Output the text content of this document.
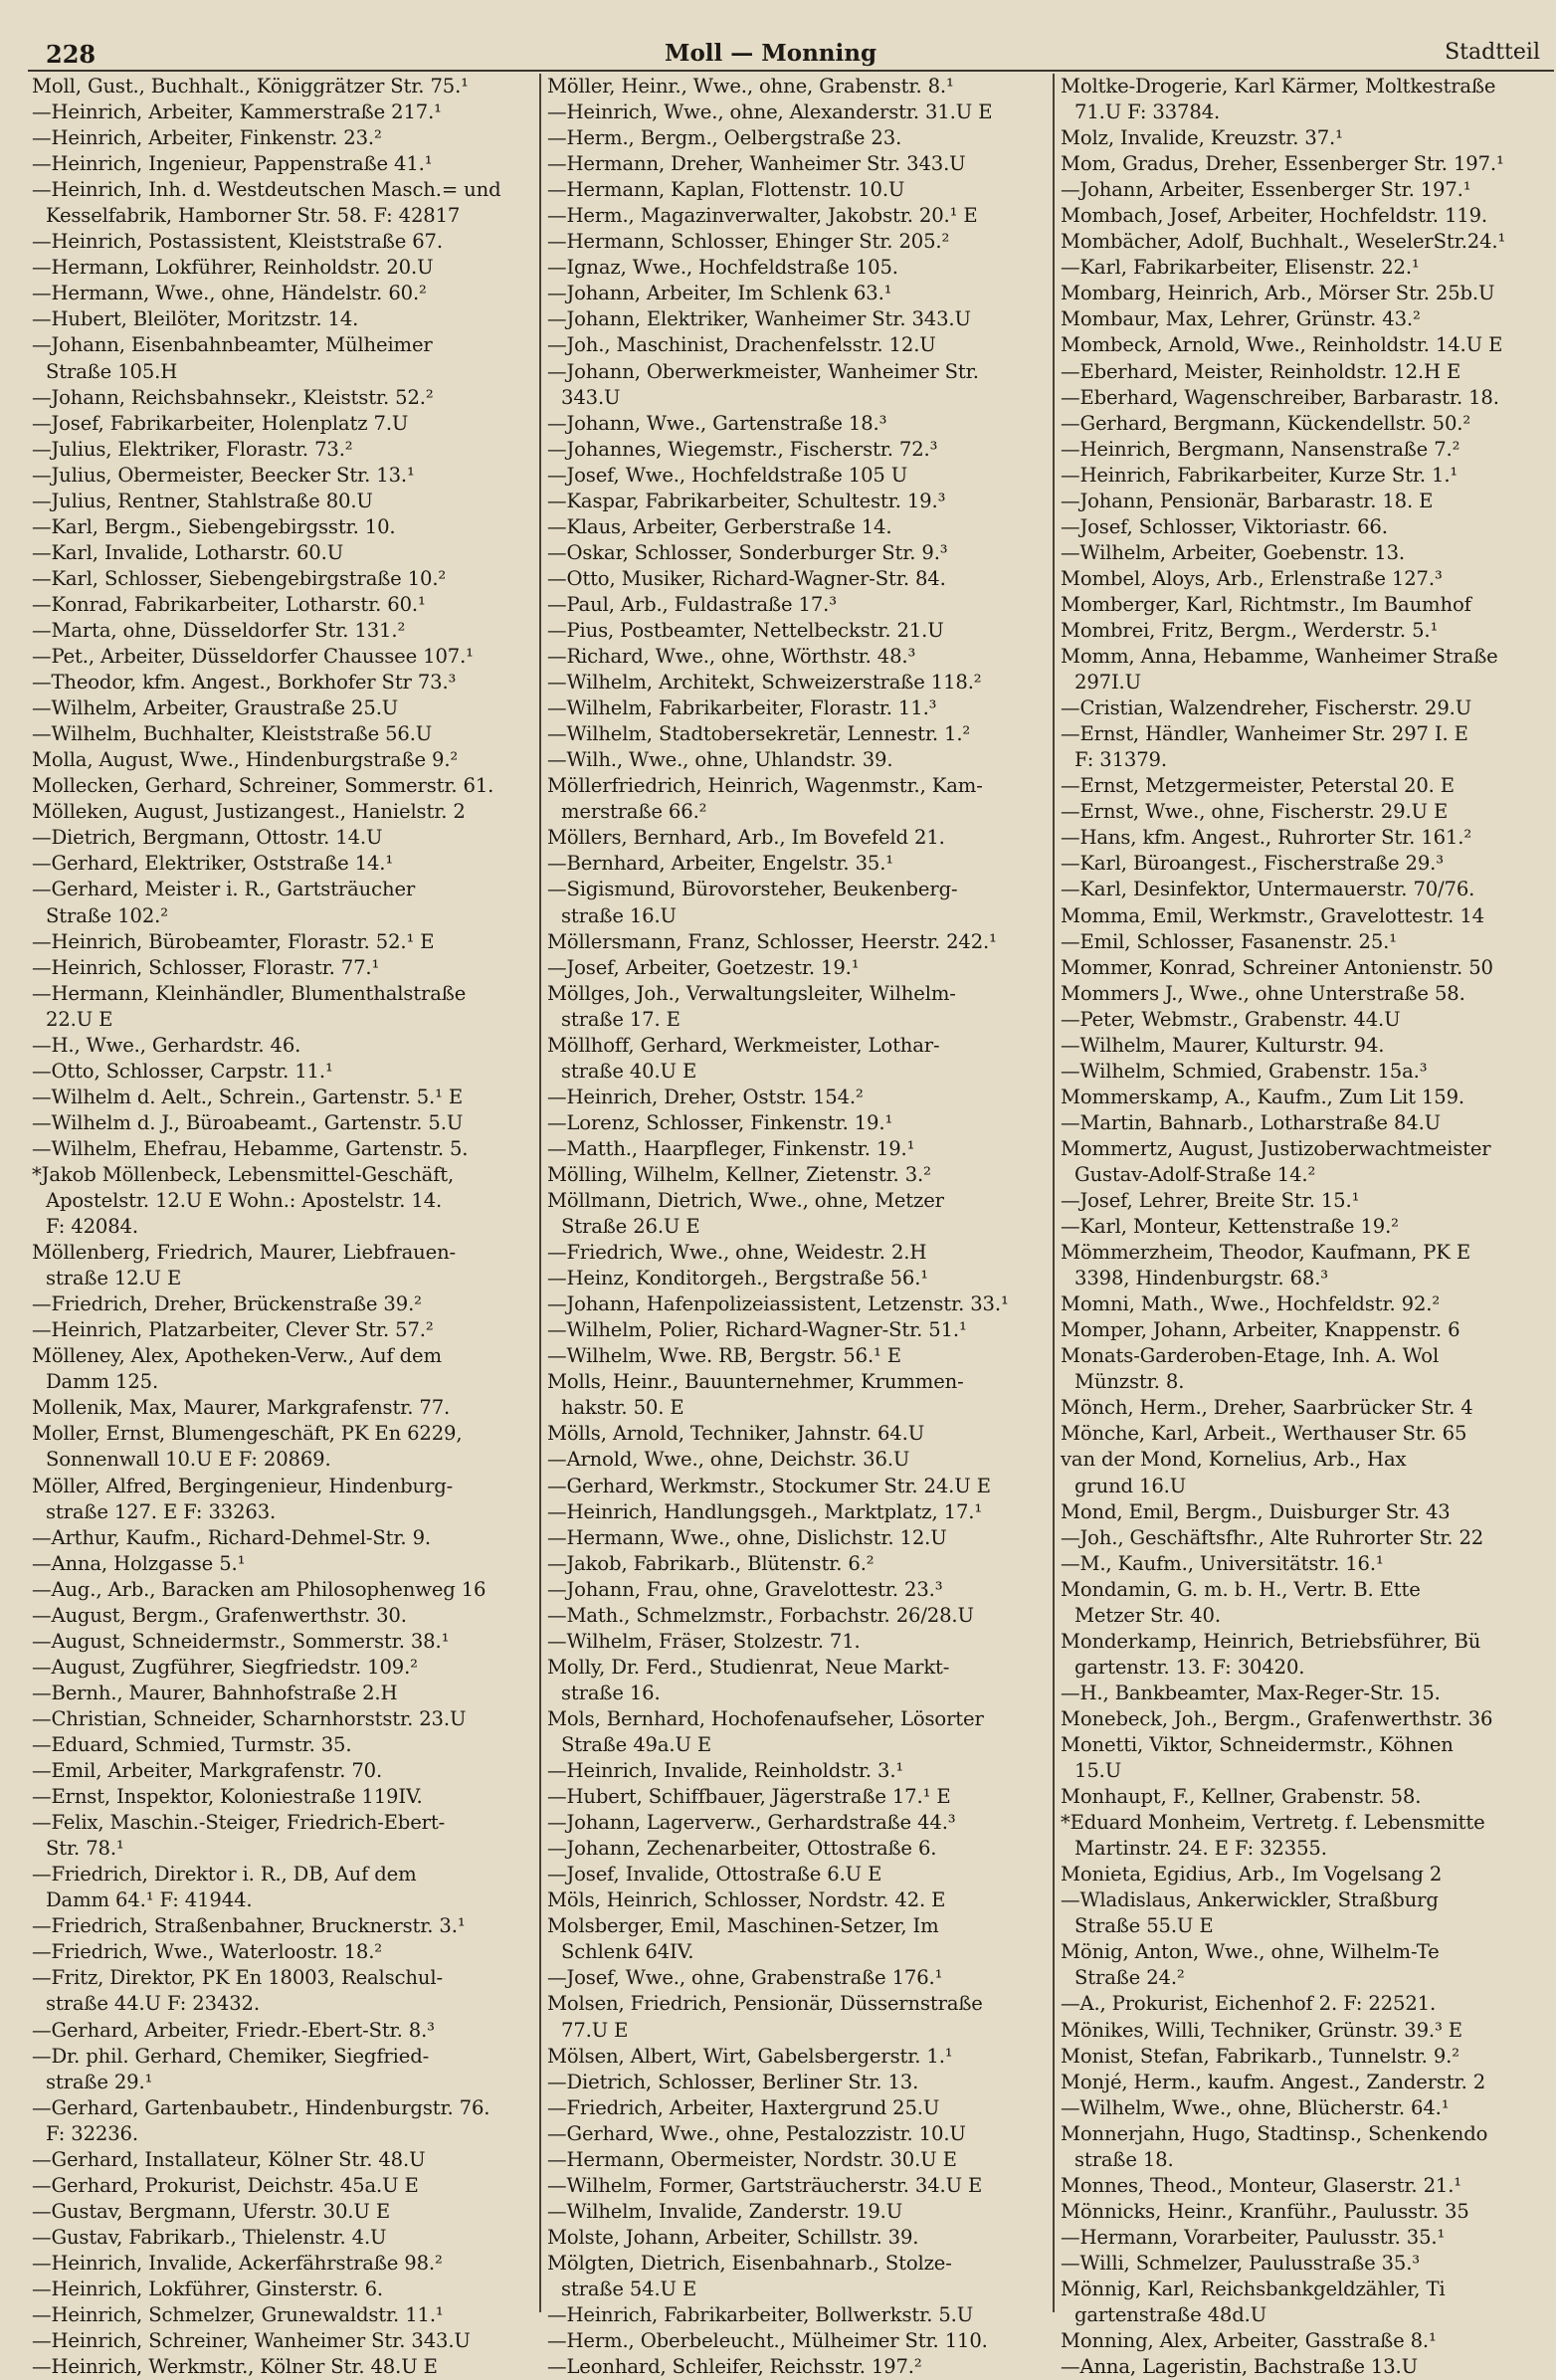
228	Moll — Monning	Stadtteil
Moll, Gust., Buchhalt., Königgrätzer Str. 75.¹
—Heinrich, Arbeiter, Kammerstraße 217.¹
—Heinrich, Arbeiter, Finkenstr. 23.²
—Heinrich, Ingenieur, Pappenstraße 41.¹
—Heinrich, Inh. d. Westdeutschen Masch.= und
Kesselfabrik, Hamborner Str. 58. F: 42817
—Heinrich, Postassistent, Kleiststraße 67.
—Hermann, Lokführer, Reinholdstr. 20.U
—Hermann, Wwe., ohne, Händelstr. 60.²
—Hubert, Bleilöter, Moritzstr. 14.
—Johann, Eisenbahnbeamter, Mülheimer
Straße 105.H
—Johann, Reichsbahnsekr., Kleiststr. 52.²
—Josef, Fabrikarbeiter, Holenplatz 7.U
—Julius, Elektriker, Florastr. 73.²
—Julius, Obermeister, Beecker Str. 13.¹
—Julius, Rentner, Stahlstraße 80.U
—Karl, Bergm., Siebengebirgsstr. 10.
—Karl, Invalide, Lotharstr. 60.U
—Karl, Schlosser, Siebengebirgstraße 10.²
—Konrad, Fabrikarbeiter, Lotharstr. 60.¹
—Marta, ohne, Düsseldorfer Str. 131.²
—Pet., Arbeiter, Düsseldorfer Chaussee 107.¹
—Theodor, kfm. Angest., Borkhofer Str 73.³
—Wilhelm, Arbeiter, Graustraße 25.U
—Wilhelm, Buchhalter, Kleiststraße 56.U
Molla, August, Wwe., Hindenburgstraße 9.²
Mollecken, Gerhard, Schreiner, Sommerstr. 61.
Mölleken, August, Justizangest., Hanielstr. 2
—Dietrich, Bergmann, Ottostr. 14.U
—Gerhard, Elektriker, Oststraße 14.¹
—Gerhard, Meister i. R., Gartsträucher
Straße 102.²
—Heinrich, Bürobeamter, Florastr. 52.¹ E
—Heinrich, Schlosser, Florastr. 77.¹
—Hermann, Kleinhändler, Blumenthalstraße
22.U E
—H., Wwe., Gerhardstr. 46.
—Otto, Schlosser, Carpstr. 11.¹
—Wilhelm d. Aelt., Schrein., Gartenstr. 5.¹ E
—Wilhelm d. J., Büroabeamt., Gartenstr. 5.U
—Wilhelm, Ehefrau, Hebamme, Gartenstr. 5.
*Jakob Möllenbeck, Lebensmittel-Geschäft,
Apostelstr. 12.U E Wohn.: Apostelstr. 14.
F: 42084.
Möllenberg, Friedrich, Maurer, Liebfrauen-
straße 12.U E
—Friedrich, Dreher, Brückenstraße 39.²
—Heinrich, Platzarbeiter, Clever Str. 57.²
Mölleney, Alex, Apotheken-Verw., Auf dem
Damm 125.
Mollenik, Max, Maurer, Markgrafenstr. 77.
Moller, Ernst, Blumengeschäft, PK En 6229,
Sonnenwall 10.U E F: 20869.
Möller, Alfred, Bergingenieur, Hindenburg-
straße 127. E F: 33263.
—Arthur, Kaufm., Richard-Dehmel-Str. 9.
—Anna, Holzgasse 5.¹
—Aug., Arb., Baracken am Philosophenweg 16
—August, Bergm., Grafenwerthstr. 30.
—August, Schneidermstr., Sommerstr. 38.¹
—August, Zugführer, Siegfriedstr. 109.²
—Bernh., Maurer, Bahnhofstraße 2.H
—Christian, Schneider, Scharnhorststr. 23.U
—Eduard, Schmied, Turmstr. 35.
—Emil, Arbeiter, Markgrafenstr. 70.
—Ernst, Inspektor, Koloniestraße 119IV.
—Felix, Maschin.-Steiger, Friedrich-Ebert-
Str. 78.¹
—Friedrich, Direktor i. R., DB, Auf dem
Damm 64.¹ F: 41944.
—Friedrich, Straßenbahner, Brucknerstr. 3.¹
—Friedrich, Wwe., Waterloostr. 18.²
—Fritz, Direktor, PK En 18003, Realschul-
straße 44.U F: 23432.
—Gerhard, Arbeiter, Friedr.-Ebert-Str. 8.³
—Dr. phil. Gerhard, Chemiker, Siegfried-
straße 29.¹
—Gerhard, Gartenbaubetr., Hindenburgstr. 76.
F: 32236.
—Gerhard, Installateur, Kölner Str. 48.U
—Gerhard, Prokurist, Deichstr. 45a.U E
—Gustav, Bergmann, Uferstr. 30.U E
—Gustav, Fabrikarb., Thielenstr. 4.U
—Heinrich, Invalide, Ackerfährstraße 98.²
—Heinrich, Lokführer, Ginsterstr. 6.
—Heinrich, Schmelzer, Grunewaldstr. 11.¹
—Heinrich, Schreiner, Wanheimer Str. 343.U
—Heinrich, Werkmstr., Kölner Str. 48.U E
Möller, Heinr., Wwe., ohne, Grabenstr. 8.¹
—Heinrich, Wwe., ohne, Alexanderstr. 31.U E
—Herm., Bergm., Oelbergstraße 23.
—Hermann, Dreher, Wanheimer Str. 343.U
—Hermann, Kaplan, Flottenstr. 10.U
—Herm., Magazinverwalter, Jakobstr. 20.¹ E
—Hermann, Schlosser, Ehinger Str. 205.²
—Ignaz, Wwe., Hochfeldstraße 105.
—Johann, Arbeiter, Im Schlenk 63.¹
—Johann, Elektriker, Wanheimer Str. 343.U
—Joh., Maschinist, Drachenfelsstr. 12.U
—Johann, Oberwerkmeister, Wanheimer Str.
343.U
—Johann, Wwe., Gartenstraße 18.³
—Johannes, Wiegemstr., Fischerstr. 72.³
—Josef, Wwe., Hochfeldstraße 105 U
—Kaspar, Fabrikarbeiter, Schultestr. 19.³
—Klaus, Arbeiter, Gerberstraße 14.
—Oskar, Schlosser, Sonderburger Str. 9.³
—Otto, Musiker, Richard-Wagner-Str. 84.
—Paul, Arb., Fuldastraße 17.³
—Pius, Postbeamter, Nettelbeckstr. 21.U
—Richard, Wwe., ohne, Wörthstr. 48.³
—Wilhelm, Architekt, Schweizerstraße 118.²
—Wilhelm, Fabrikarbeiter, Florastr. 11.³
—Wilhelm, Stadtobersekretär, Lennestr. 1.²
—Wilh., Wwe., ohne, Uhlandstr. 39.
Möllerfriedrich, Heinrich, Wagenmstr., Kam-
merstraße 66.²
Möllers, Bernhard, Arb., Im Bovefeld 21.
—Bernhard, Arbeiter, Engelstr. 35.¹
—Sigismund, Bürovorsteher, Beukenberg-
straße 16.U
Möllersmann, Franz, Schlosser, Heerstr. 242.¹
—Josef, Arbeiter, Goetzestr. 19.¹
Möllges, Joh., Verwaltungsleiter, Wilhelm-
straße 17. E
Möllhoff, Gerhard, Werkmeister, Lothar-
straße 40.U E
—Heinrich, Dreher, Oststr. 154.²
—Lorenz, Schlosser, Finkenstr. 19.¹
—Matth., Haarpfleger, Finkenstr. 19.¹
Mölling, Wilhelm, Kellner, Zietenstr. 3.²
Möllmann, Dietrich, Wwe., ohne, Metzer
Straße 26.U E
—Friedrich, Wwe., ohne, Weidestr. 2.H
—Heinz, Konditorgeh., Bergstraße 56.¹
—Johann, Hafenpolizeiassistent, Letzenstr. 33.¹
—Wilhelm, Polier, Richard-Wagner-Str. 51.¹
—Wilhelm, Wwe. RB, Bergstr. 56.¹ E
Molls, Heinr., Bauunternehmer, Krummen-
hakstr. 50. E
Mölls, Arnold, Techniker, Jahnstr. 64.U
—Arnold, Wwe., ohne, Deichstr. 36.U
—Gerhard, Werkmstr., Stockumer Str. 24.U E
—Heinrich, Handlungsgeh., Marktplatz, 17.¹
—Hermann, Wwe., ohne, Dislichstr. 12.U
—Jakob, Fabrikarb., Blütenstr. 6.²
—Johann, Frau, ohne, Gravelottestr. 23.³
—Math., Schmelzmstr., Forbachstr. 26/28.U
—Wilhelm, Fräser, Stolzestr. 71.
Molly, Dr. Ferd., Studienrat, Neue Markt-
straße 16.
Mols, Bernhard, Hochofenaufseher, Lösorter
Straße 49a.U E
—Heinrich, Invalide, Reinholdstr. 3.¹
—Hubert, Schiffbauer, Jägerstraße 17.¹ E
—Johann, Lagerverw., Gerhardstraße 44.³
—Johann, Zechenarbeiter, Ottostraße 6.
—Josef, Invalide, Ottostraße 6.U E
Möls, Heinrich, Schlosser, Nordstr. 42. E
Molsberger, Emil, Maschinen-Setzer, Im
Schlenk 64IV.
—Josef, Wwe., ohne, Grabenstraße 176.¹
Molsen, Friedrich, Pensionär, Düssernstraße
77.U E
Mölsen, Albert, Wirt, Gabelsbergerstr. 1.¹
—Dietrich, Schlosser, Berliner Str. 13.
—Friedrich, Arbeiter, Haxtergrund 25.U
—Gerhard, Wwe., ohne, Pestalozzistr. 10.U
—Hermann, Obermeister, Nordstr. 30.U E
—Wilhelm, Former, Gartsträucherstr. 34.U E
—Wilhelm, Invalide, Zanderstr. 19.U
Molste, Johann, Arbeiter, Schillstr. 39.
Mölgten, Dietrich, Eisenbahnarb., Stolze-
straße 54.U E
—Heinrich, Fabrikarbeiter, Bollwerkstr. 5.U
—Herm., Oberbeleucht., Mülheimer Str. 110.
—Leonhard, Schleifer, Reichsstr. 197.²
Moltke-Drogerie, Karl Kärmer, Moltkestraße
71.U F: 33784.
Molz, Invalide, Kreuzstr. 37.¹
Mom, Gradus, Dreher, Essenberger Str. 197.¹
—Johann, Arbeiter, Essenberger Str. 197.¹
Mombach, Josef, Arbeiter, Hochfeldstr. 119.
Mombächer, Adolf, Buchhalt., WeselerStr.24.¹
—Karl, Fabrikarbeiter, Elisenstr. 22.¹
Mombarg, Heinrich, Arb., Mörser Str. 25b.U
Mombaur, Max, Lehrer, Grünstr. 43.²
Mombeck, Arnold, Wwe., Reinholdstr. 14.U E
—Eberhard, Meister, Reinholdstr. 12.H E
—Eberhard, Wagenschreiber, Barbarastr. 18.
—Gerhard, Bergmann, Kückendellstr. 50.²
—Heinrich, Bergmann, Nansenstraße 7.²
—Heinrich, Fabrikarbeiter, Kurze Str. 1.¹
—Johann, Pensionär, Barbarastr. 18. E
—Josef, Schlosser, Viktoriastr. 66.
—Wilhelm, Arbeiter, Goebenstr. 13.
Mombel, Aloys, Arb., Erlenstraße 127.³
Momberger, Karl, Richtmstr., Im Baumhof
Mombrei, Fritz, Bergm., Werderstr. 5.¹
Momm, Anna, Hebamme, Wanheimer Straße
297I.U
—Cristian, Walzendreher, Fischerstr. 29.U
—Ernst, Händler, Wanheimer Str. 297 I. E
F: 31379.
—Ernst, Metzgermeister, Peterstal 20. E
—Ernst, Wwe., ohne, Fischerstr. 29.U E
—Hans, kfm. Angest., Ruhrorter Str. 161.²
—Karl, Büroangest., Fischerstraße 29.³
—Karl, Desinfektor, Untermauerstr. 70/76.
Momma, Emil, Werkmstr., Gravelottestr. 14
—Emil, Schlosser, Fasanenstr. 25.¹
Mommer, Konrad, Schreiner Antonienstr. 50
Mommers J., Wwe., ohne Unterstraße 58.
—Peter, Webmstr., Grabenstr. 44.U
—Wilhelm, Maurer, Kulturstr. 94.
—Wilhelm, Schmied, Grabenstr. 15a.³
Mommerskamp, A., Kaufm., Zum Lit 159.
—Martin, Bahnarb., Lotharstraße 84.U
Mommertz, August, Justizoberwachtmeister
Gustav-Adolf-Straße 14.²
—Josef, Lehrer, Breite Str. 15.¹
—Karl, Monteur, Kettenstraße 19.²
Mömmerzheim, Theodor, Kaufmann, PK E
3398, Hindenburgstr. 68.³
Momni, Math., Wwe., Hochfeldstr. 92.²
Momper, Johann, Arbeiter, Knappenstr. 6
Monats-Garderoben-Etage, Inh. A. Wol
Münzstr. 8.
Mönch, Herm., Dreher, Saarbrücker Str. 4
Mönche, Karl, Arbeit., Werthauser Str. 65
van der Mond, Kornelius, Arb., Hax
grund 16.U
Mond, Emil, Bergm., Duisburger Str. 43
—Joh., Geschäftsfhr., Alte Ruhrorter Str. 22
—M., Kaufm., Universitätstr. 16.¹
Mondamin, G. m. b. H., Vertr. B. Ette
Metzer Str. 40.
Monderkamp, Heinrich, Betriebsführer, Bü
gartenstr. 13. F: 30420.
—H., Bankbeamter, Max-Reger-Str. 15.
Monebeck, Joh., Bergm., Grafenwerthstr. 36
Monetti, Viktor, Schneidermstr., Köhnen
15.U
Monhaupt, F., Kellner, Grabenstr. 58.
*Eduard Monheim, Vertretg. f. Lebensmitte
Martinstr. 24. E F: 32355.
Monieta, Egidius, Arb., Im Vogelsang 2
—Wladislaus, Ankerwickler, Straßburg
Straße 55.U E
Mönig, Anton, Wwe., ohne, Wilhelm-Te
Straße 24.²
—A., Prokurist, Eichenhof 2. F: 22521.
Mönikes, Willi, Techniker, Grünstr. 39.³ E
Monist, Stefan, Fabrikarb., Tunnelstr. 9.²
Monjé, Herm., kaufm. Angest., Zanderstr. 2
—Wilhelm, Wwe., ohne, Blücherstr. 64.¹
Monnerjahn, Hugo, Stadtinsp., Schenkendo
straße 18.
Monnes, Theod., Monteur, Glaserstr. 21.¹
Mönnicks, Heinr., Kranführ., Paulusstr. 35
—Hermann, Vorarbeiter, Paulusstr. 35.¹
—Willi, Schmelzer, Paulusstraße 35.³
Mönnig, Karl, Reichsbankgeldzähler, Ti
gartenstraße 48d.U
Monning, Alex, Arbeiter, Gasstraße 8.¹
—Anna, Lageristin, Bachstraße 13.U
